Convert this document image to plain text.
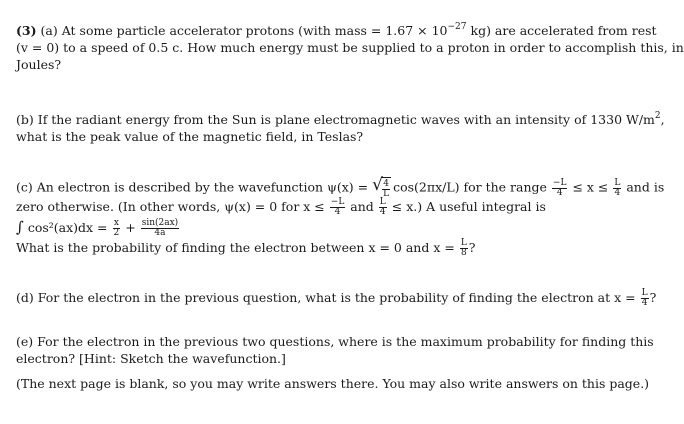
(3) (a) At some particle accelerator protons (with mass = $1.67 \times 10^{-27}$ kg) are accelerated from rest

(v = 0) to a speed of 0.5 c. How much energy must be supplied to a proton in order to accomplish this, in

Joules?

(b) If the radiant energy from the Sun is plane electromagnetic waves with an intensity of 1330 $W/m^2$,

what is the peak value of the magnetic field, in Teslas?

(c) An electron is described by the wavefunction ψ(x) = √ $\frac{4}{L} \cos(2\pi x/L)$ for the range $\frac{-L}{4} \le x \le \frac{L}{4}$ and is

zero otherwise. (In other words, ψ(x) = 0 for $x \le \frac{-L}{4}$ and $\frac{L}{4} \le x$.) A useful integral is

∫ $\cos^2(ax)dx = \frac{x}{2} + \frac{\sin(2ax)}{4a}$

What is the probability of finding the electron between x = 0 and $x = \frac{L}{8}$ ?

(d) For the electron in the previous question, what is the probability of finding the electron at $x = \frac{L}{4}$ ?

(e) For the electron in the previous two questions, where is the maximum probability for finding this

electron? [Hint: Sketch the wavefunction.]

(The next page is blank, so you may write answers there. You may also write answers on this page.)
